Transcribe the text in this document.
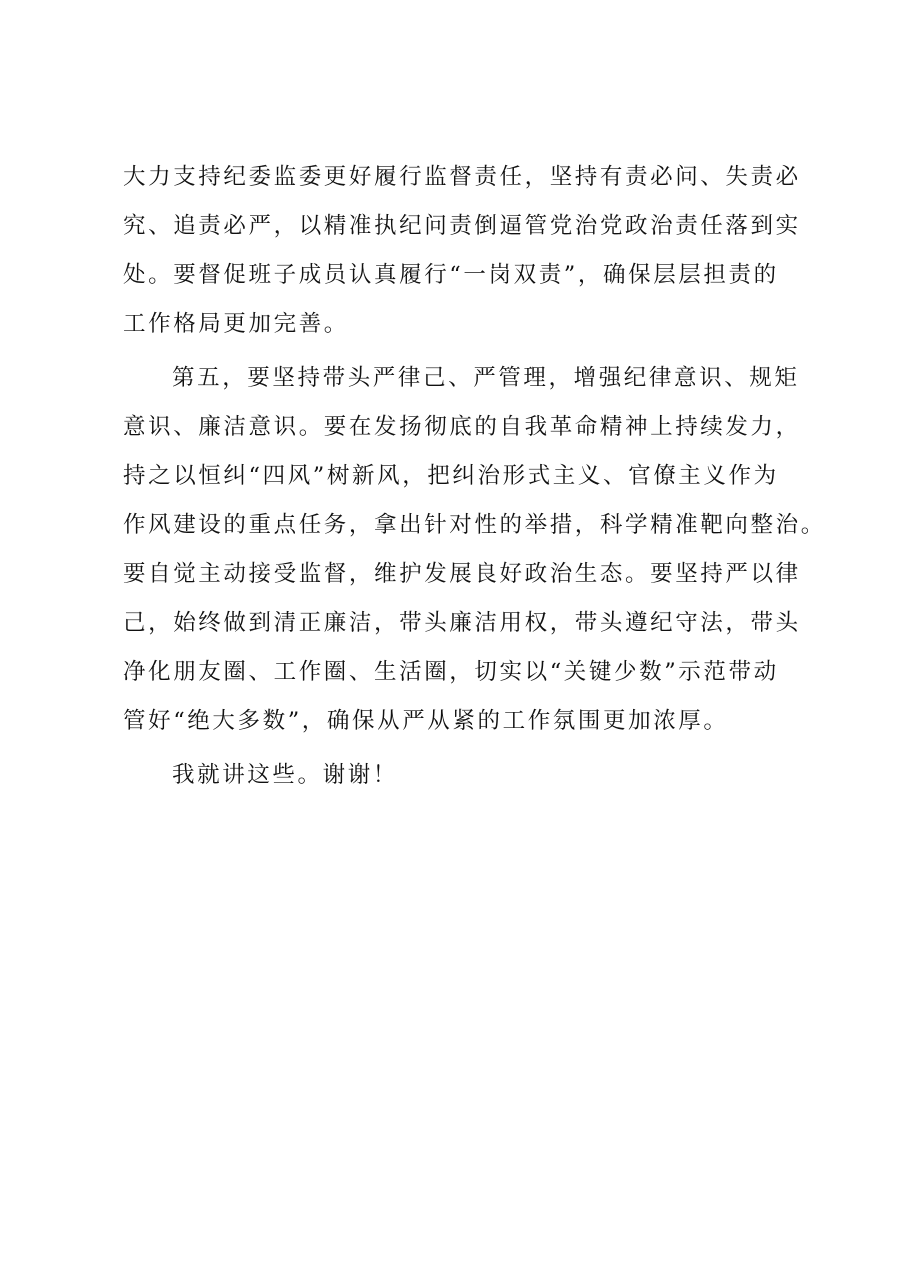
大力支持纪委监委更好履行监督责任，坚持有责必问、失责必
究、追责必严，以精准执纪问责倒逼管党治党政治责任落到实
处。要督促班子成员认真履行“一岗双责”，确保层层担责的
工作格局更加完善。
第五，要坚持带头严律己、严管理，增强纪律意识、规矩
意识、廉洁意识。要在发扬彻底的自我革命精神上持续发力，
持之以恒纠“四风”树新风，把纠治形式主义、官僚主义作为
作风建设的重点任务，拿出针对性的举措，科学精准靶向整治。
要自觉主动接受监督，维护发展良好政治生态。要坚持严以律
己，始终做到清正廉洁，带头廉洁用权，带头遵纪守法，带头
净化朋友圈、工作圈、生活圈，切实以“关键少数”示范带动
管好“绝大多数”，确保从严从紧的工作氛围更加浓厚。
我就讲这些。谢谢！
